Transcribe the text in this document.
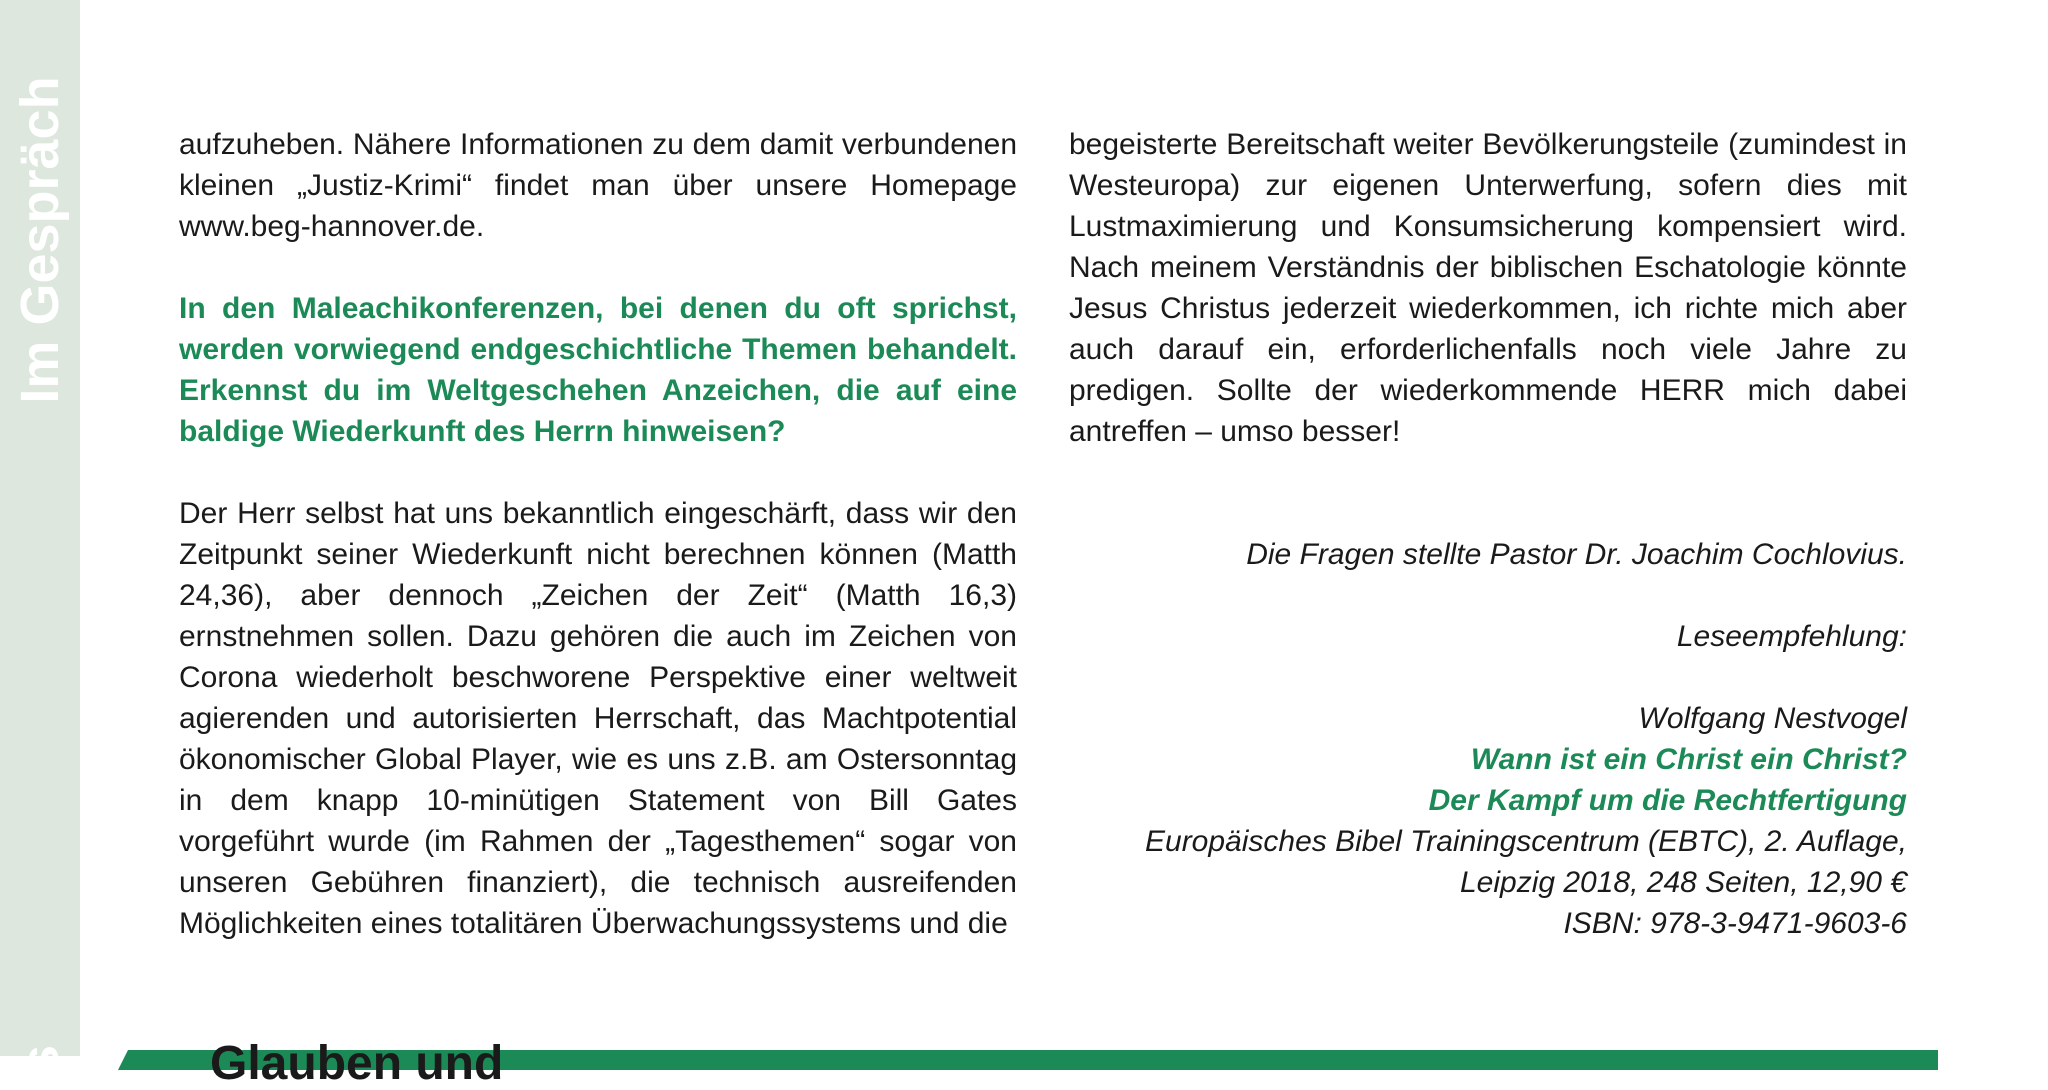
Im Gespräch
s

aufzuheben. Nähere Informationen zu dem damit verbundenen kleinen „Justiz-Krimi“ findet man über unsere Homepage www.beg-hannover.de.

In den Maleachikonferenzen, bei denen du oft sprichst, werden vorwiegend endgeschichtliche Themen behandelt. Erkennst du im Weltgeschehen Anzeichen, die auf eine baldige Wiederkunft des Herrn hinweisen?

Der Herr selbst hat uns bekanntlich eingeschärft, dass wir den Zeitpunkt seiner Wiederkunft nicht berechnen können (Matth 24,36), aber dennoch „Zeichen der Zeit“ (Matth 16,3) ernstnehmen sollen. Dazu gehören die auch im Zeichen von Corona wiederholt beschworene Perspektive einer weltweit agierenden und autorisierten Herrschaft, das Machtpotential ökonomischer Global Player, wie es uns z.B. am Ostersonntag in dem knapp 10-minütigen Statement von Bill Gates vorgeführt wurde (im Rahmen der „Tagesthemen“ sogar von unseren Gebühren finanziert), die technisch ausreifenden Möglichkeiten eines totalitären Überwachungssystems und die

begeisterte Bereitschaft weiter Bevölkerungsteile (zumindest in Westeuropa) zur eigenen Unterwerfung, sofern dies mit Lustmaximierung und Konsumsicherung kompensiert wird. Nach meinem Verständnis der biblischen Eschatologie könnte Jesus Christus jederzeit wiederkommen, ich richte mich aber auch darauf ein, erforderlichenfalls noch viele Jahre zu predigen. Sollte der wiederkommende HERR mich dabei antreffen – umso besser!

Die Fragen stellte Pastor Dr. Joachim Cochlovius.
Leseempfehlung:
Wolfgang Nestvogel
Wann ist ein Christ ein Christ?
Der Kampf um die Rechtfertigung
Europäisches Bibel Trainingscentrum (EBTC), 2. Auflage,
Leipzig 2018, 248 Seiten, 12,90 €
ISBN: 978-3-9471-9603-6
Glauben und
